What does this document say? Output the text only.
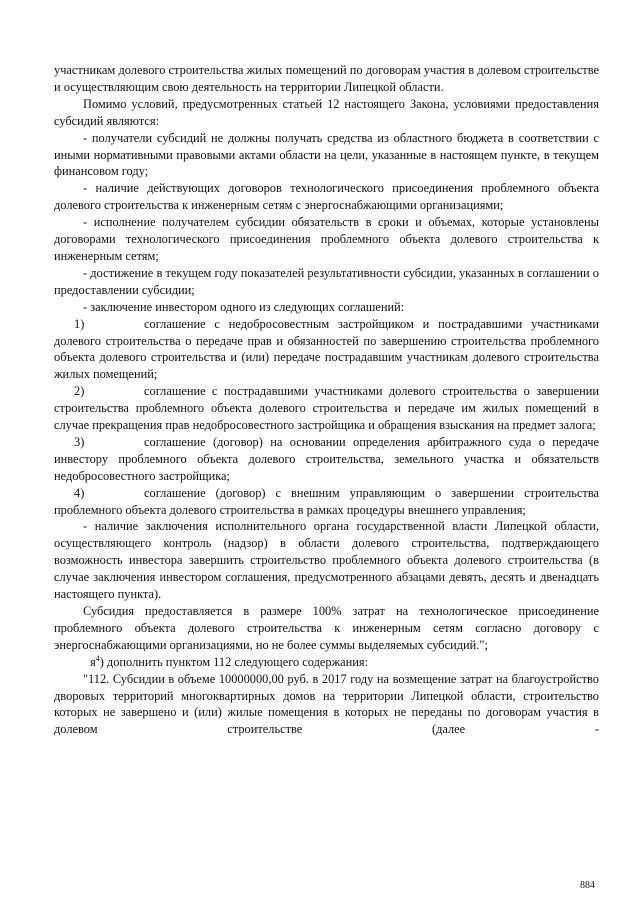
участникам долевого строительства жилых помещений по договорам участия в долевом строительстве и осуществляющим свою деятельность на территории Липецкой области.

Помимо условий, предусмотренных статьей 12 настоящего Закона, условиями предоставления субсидий являются:

- получатели субсидий не должны получать средства из областного бюджета в соответствии с иными нормативными правовыми актами области на цели, указанные в настоящем пункте, в текущем финансовом году;

- наличие действующих договоров технологического присоединения проблемного объекта долевого строительства к инженерным сетям с энергоснабжающими организациями;

- исполнение получателем субсидии обязательств в сроки и объемах, которые установлены договорами технологического присоединения проблемного объекта долевого строительства к инженерным сетям;

- достижение в текущем году показателей результативности субсидии, указанных в соглашении о предоставлении субсидии;

- заключение инвестором одного из следующих соглашений:

1)	соглашение с недобросовестным застройщиком и пострадавшими участниками долевого строительства о передаче прав и обязанностей по завершению строительства проблемного объекта долевого строительства и (или) передаче пострадавшим участникам долевого строительства жилых помещений;

2)	соглашение с пострадавшими участниками долевого строительства о завершении строительства проблемного объекта долевого строительства и передаче им жилых помещений в случае прекращения прав недобросовестного застройщика и обращения взыскания на предмет залога;

3)	соглашение (договор) на основании определения арбитражного суда о передаче инвестору проблемного объекта долевого строительства, земельного участка и обязательств недобросовестного застройщика;

4)	соглашение (договор) с внешним управляющим о завершении строительства проблемного объекта долевого строительства в рамках процедуры внешнего управления;

- наличие заключения исполнительного органа государственной власти Липецкой области, осуществляющего контроль (надзор) в области долевого строительства, подтверждающего возможность инвестора завершить строительство проблемного объекта долевого строительства (в случае заключения инвестором соглашения, предусмотренного абзацами девять, десять и двенадцать настоящего пункта).

Субсидия предоставляется в размере 100% затрат на технологическое присоединение проблемного объекта долевого строительства к инженерным сетям согласно договору с энергоснабжающими организациями, но не более суммы выделяемых субсидий.";

$я^4$) дополнить пунктом 112 следующего содержания:

"112. Субсидии в объеме 10000000,00 руб. в 2017 году на возмещение затрат на благоустройство дворовых территорий многоквартирных домов на территории Липецкой области, строительство которых не завершено и (или) жилые помещения в которых не переданы по договорам участия в долевом строительстве (далее -

884
